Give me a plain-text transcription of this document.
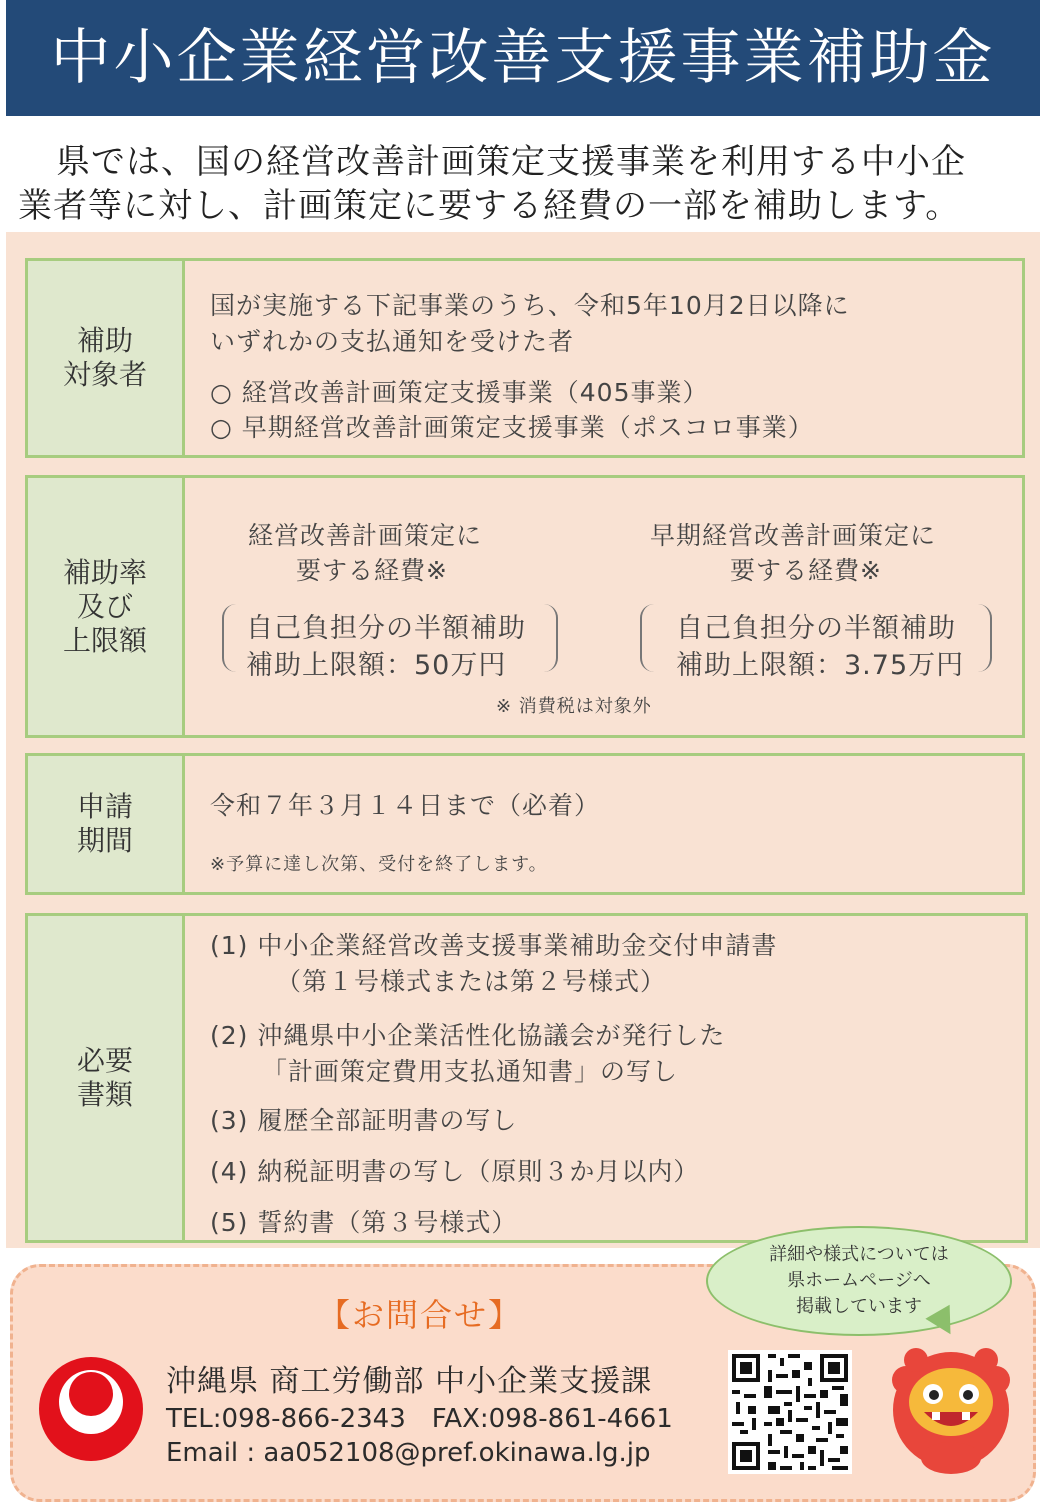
中小企業経営改善支援事業補助金

県では、国の経営改善計画策定支援事業を利用する中小企

業者等に対し、計画策定に要する経費の一部を補助します。

補助
対象者
国が実施する下記事業のうち、令和5年10月2日以降に
いずれかの支払通知を受けた者
○ 経営改善計画策定支援事業（405事業）
○ 早期経営改善計画策定支援事業（ポスコロ事業）
補助率
及び
上限額
経営改善計画策定に
要する経費※
自己負担分の半額補助
補助上限額：50万円
早期経営改善計画策定に
要する経費※
自己負担分の半額補助
補助上限額：3.75万円
※ 消費税は対象外
申請
期間
令和７年３月１４日まで（必着）
※予算に達し次第、受付を終了します。
必要
書類
(1) 中小企業経営改善支援事業補助金交付申請書
（第１号様式または第２号様式）
(2) 沖縄県中小企業活性化協議会が発行した
「計画策定費用支払通知書」の写し
(3) 履歴全部証明書の写し
(4) 納税証明書の写し（原則３か月以内）
(5) 誓約書（第３号様式）
詳細や様式については
県ホームページへ
掲載しています
【お問合せ】
沖縄県 商工労働部 中小企業支援課
TEL:098-866-2343　FAX:098-861-4661
Email : aa052108@pref.okinawa.lg.jp
